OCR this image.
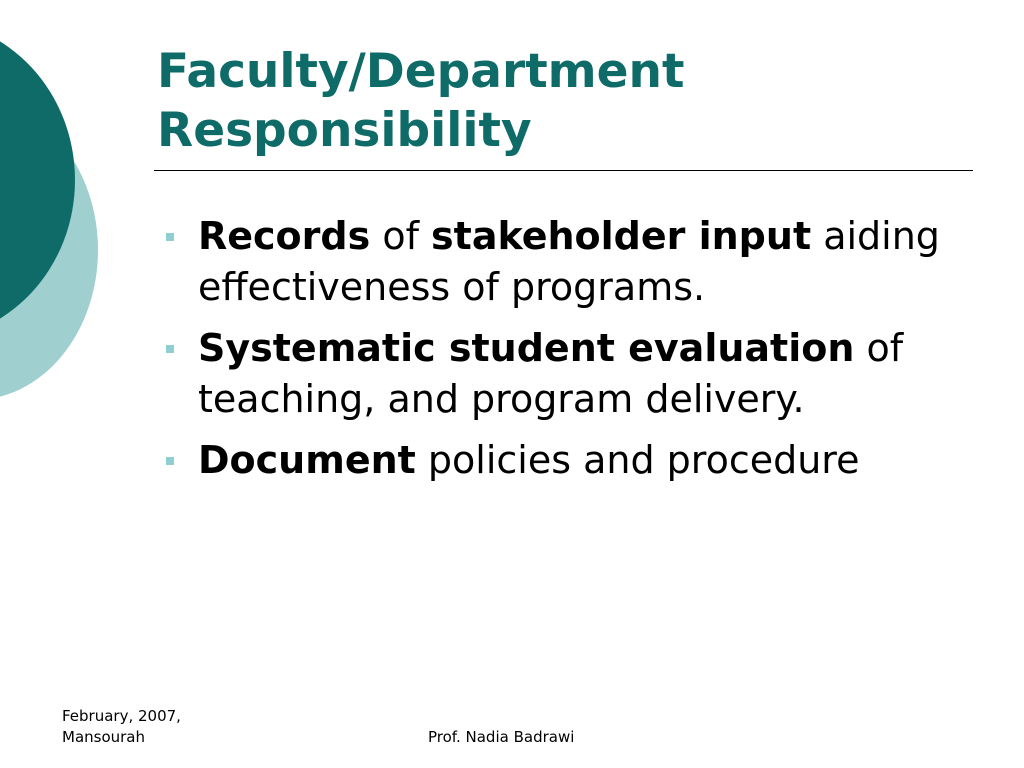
Faculty/Department
Responsibility
Records of stakeholder input aiding effectiveness of programs.
Systematic student evaluation of teaching, and program delivery.
Document policies and procedure
February, 2007,
Mansourah	Prof. Nadia Badrawi
